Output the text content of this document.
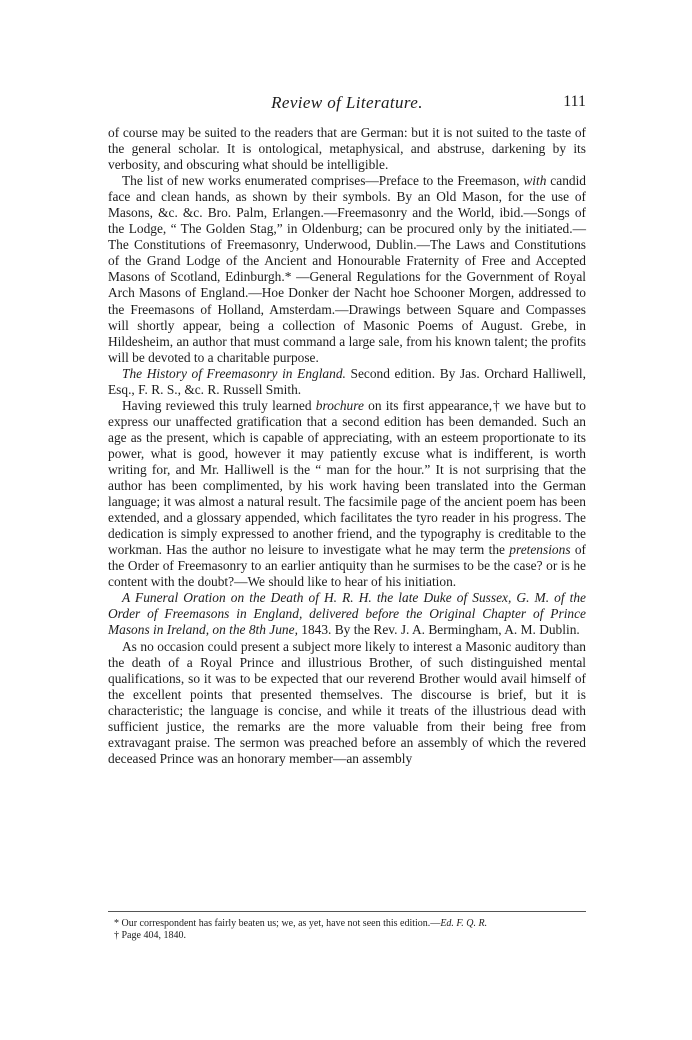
Review of Literature.	111

of course may be suited to the readers that are German: but it is not suited to the taste of the general scholar. It is ontological, metaphysical, and abstruse, darkening by its verbosity, and obscuring what should be intelligible.

The list of new works enumerated comprises—Preface to the Freemason, with candid face and clean hands, as shown by their symbols. By an Old Mason, for the use of Masons, &c. &c. Bro. Palm, Erlangen.—Freemasonry and the World, ibid.—Songs of the Lodge, “ The Golden Stag,” in Oldenburg; can be procured only by the initiated.—The Constitutions of Freemasonry, Underwood, Dublin.—The Laws and Constitutions of the Grand Lodge of the Ancient and Honourable Fraternity of Free and Accepted Masons of Scotland, Edinburgh.* —General Regulations for the Government of Royal Arch Masons of England.—Hoe Donker der Nacht hoe Schooner Morgen, addressed to the Freemasons of Holland, Amsterdam.—Drawings between Square and Compasses will shortly appear, being a collection of Masonic Poems of August. Grebe, in Hildesheim, an author that must command a large sale, from his known talent; the profits will be devoted to a charitable purpose.

The History of Freemasonry in England. Second edition. By Jas. Orchard Halliwell, Esq., F. R. S., &c. R. Russell Smith.

Having reviewed this truly learned brochure on its first appearance,† we have but to express our unaffected gratification that a second edition has been demanded. Such an age as the present, which is capable of appreciating, with an esteem proportionate to its power, what is good, however it may patiently excuse what is indifferent, is worth writing for, and Mr. Halliwell is the “ man for the hour.” It is not surprising that the author has been complimented, by his work having been translated into the German language; it was almost a natural result. The facsimile page of the ancient poem has been extended, and a glossary appended, which facilitates the tyro reader in his progress. The dedication is simply expressed to another friend, and the typography is creditable to the workman. Has the author no leisure to investigate what he may term the pretensions of the Order of Freemasonry to an earlier antiquity than he surmises to be the case? or is he content with the doubt?—We should like to hear of his initiation.

A Funeral Oration on the Death of H. R. H. the late Duke of Sussex, G. M. of the Order of Freemasons in England, delivered before the Original Chapter of Prince Masons in Ireland, on the 8th June, 1843. By the Rev. J. A. Bermingham, A. M. Dublin.

As no occasion could present a subject more likely to interest a Masonic auditory than the death of a Royal Prince and illustrious Brother, of such distinguished mental qualifications, so it was to be expected that our reverend Brother would avail himself of the excellent points that presented themselves. The discourse is brief, but it is characteristic; the language is concise, and while it treats of the illustrious dead with sufficient justice, the remarks are the more valuable from their being free from extravagant praise. The sermon was preached before an assembly of which the revered deceased Prince was an honorary member—an assembly

* Our correspondent has fairly beaten us; we, as yet, have not seen this edition.—Ed. F. Q. R.

† Page 404, 1840.
